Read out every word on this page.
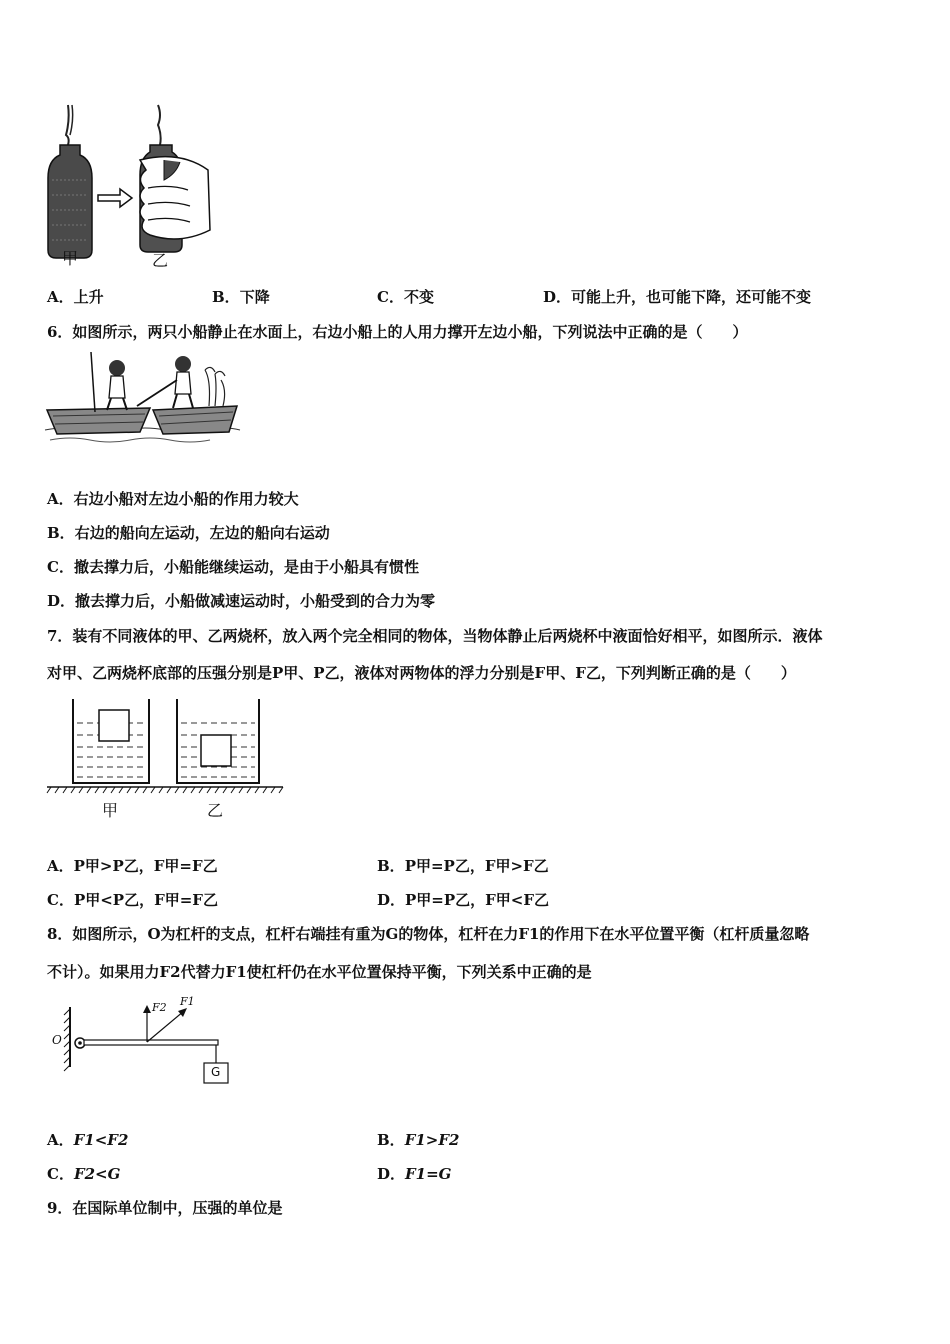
甲	乙
A．上升	B．下降	C．不变	D．可能上升，也可能下降，还可能不变
6．如图所示，两只小船静止在水面上，右边小船上的人用力撑开左边小船，下列说法中正确的是（　　）
A．右边小船对左边小船的作用力较大
B．右边的船向左运动，左边的船向右运动
C．撤去撑力后，小船能继续运动，是由于小船具有惯性
D．撤去撑力后，小船做减速运动时，小船受到的合力为零
7．装有不同液体的甲、乙两烧杯，放入两个完全相同的物体，当物体静止后两烧杯中液面恰好相平，如图所示．液体
对甲、乙两烧杯底部的压强分别是P甲、P乙，液体对两物体的浮力分别是F甲、F乙，下列判断正确的是（　　）
甲	乙
A．P甲>P乙，F甲=F乙	B．P甲=P乙，F甲>F乙
C．P甲<P乙，F甲=F乙	D．P甲=P乙，F甲<F乙
8．如图所示，O为杠杆的支点，杠杆右端挂有重为G的物体，杠杆在力F1的作用下在水平位置平衡（杠杆质量忽略
不计）。如果用力F2代替力F1使杠杆仍在水平位置保持平衡，下列关系中正确的是
O
F2 F1
G
A．F1<F2	B．F1>F2
C．F2<G	D．F1=G
9．在国际单位制中，压强的单位是
